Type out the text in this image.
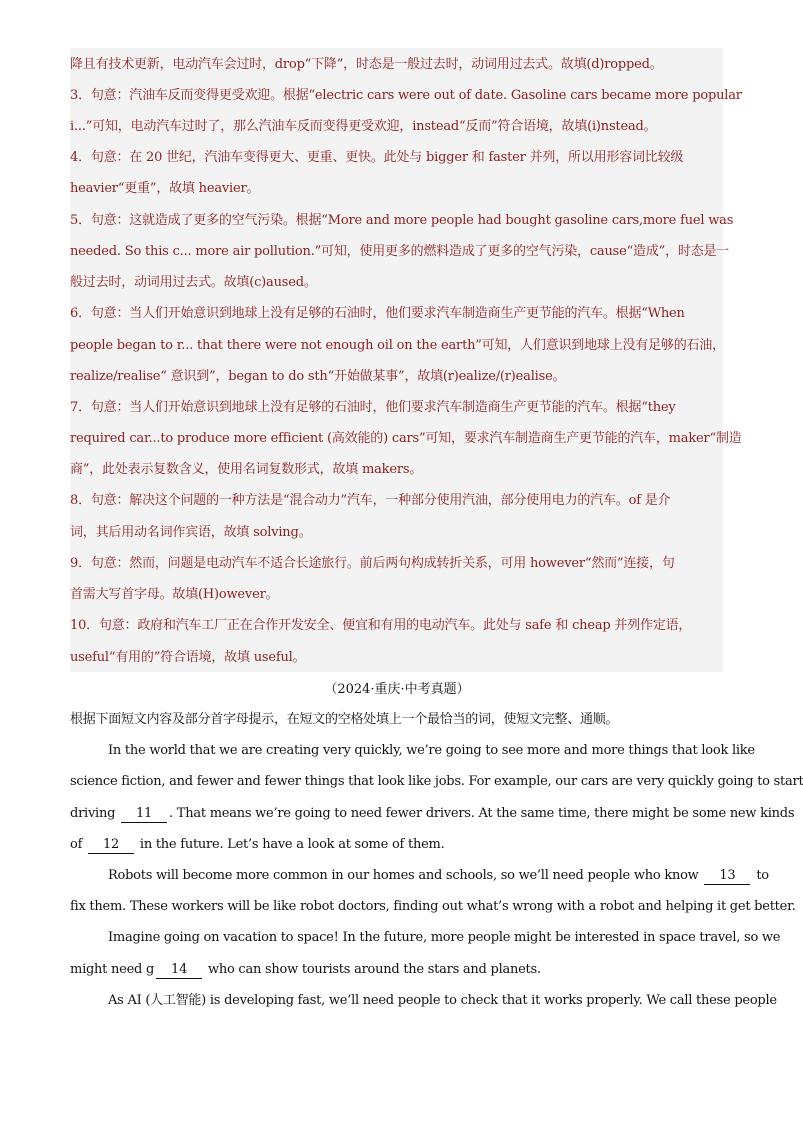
降且有技术更新，电动汽车会过时，drop“下降”，时态是一般过去时，动词用过去式。故填(d)ropped。
3．句意：汽油车反而变得更受欢迎。根据“electric cars were out of date. Gasoline cars became more popular
i...”可知，电动汽车过时了，那么汽油车反而变得更受欢迎，instead“反而”符合语境，故填(i)nstead。
4．句意：在 20 世纪，汽油车变得更大、更重、更快。此处与 bigger 和 faster 并列，所以用形容词比较级
heavier“更重”，故填 heavier。
5．句意：这就造成了更多的空气污染。根据“More and more people had bought gasoline cars,more fuel was
needed. So this c... more air pollution.”可知，使用更多的燃料造成了更多的空气污染，cause“造成”，时态是一
般过去时，动词用过去式。故填(c)aused。
6．句意：当人们开始意识到地球上没有足够的石油时，他们要求汽车制造商生产更节能的汽车。根据“When
people began to r... that there were not enough oil on the earth”可知，人们意识到地球上没有足够的石油，
realize/realise“ 意识到”，began to do sth“开始做某事”，故填(r)ealize/(r)ealise。
7．句意：当人们开始意识到地球上没有足够的石油时，他们要求汽车制造商生产更节能的汽车。根据“they
required car...to produce more efficient (高效能的) cars”可知，要求汽车制造商生产更节能的汽车，maker“制造
商”，此处表示复数含义，使用名词复数形式，故填 makers。
8．句意：解决这个问题的一种方法是“混合动力”汽车，一种部分使用汽油，部分使用电力的汽车。of 是介
词，其后用动名词作宾语，故填 solving。
9．句意：然而，问题是电动汽车不适合长途旅行。前后两句构成转折关系，可用 however“然而”连接，句
首需大写首字母。故填(H)owever。
10．句意：政府和汽车工厂正在合作开发安全、便宜和有用的电动汽车。此处与 safe 和 cheap 并列作定语，
useful“有用的”符合语境，故填 useful。
（2024·重庆·中考真题）
根据下面短文内容及部分首字母提示，在短文的空格处填上一个最恰当的词，使短文完整、通顺。
In the world that we are creating very quickly, we’re going to see more and more things that look like
science fiction, and fewer and fewer things that look like jobs. For example, our cars are very quickly going to start
driving 11 . That means we’re going to need fewer drivers. At the same time, there might be some new kinds
of 12 in the future. Let’s have a look at some of them.
Robots will become more common in our homes and schools, so we’ll need people who know 13 to
fix them. These workers will be like robot doctors, finding out what’s wrong with a robot and helping it get better.
Imagine going on vacation to space! In the future, more people might be interested in space travel, so we
might need g 14 who can show tourists around the stars and planets.
As AI (人工智能) is developing fast, we’ll need people to check that it works properly. We call these people
